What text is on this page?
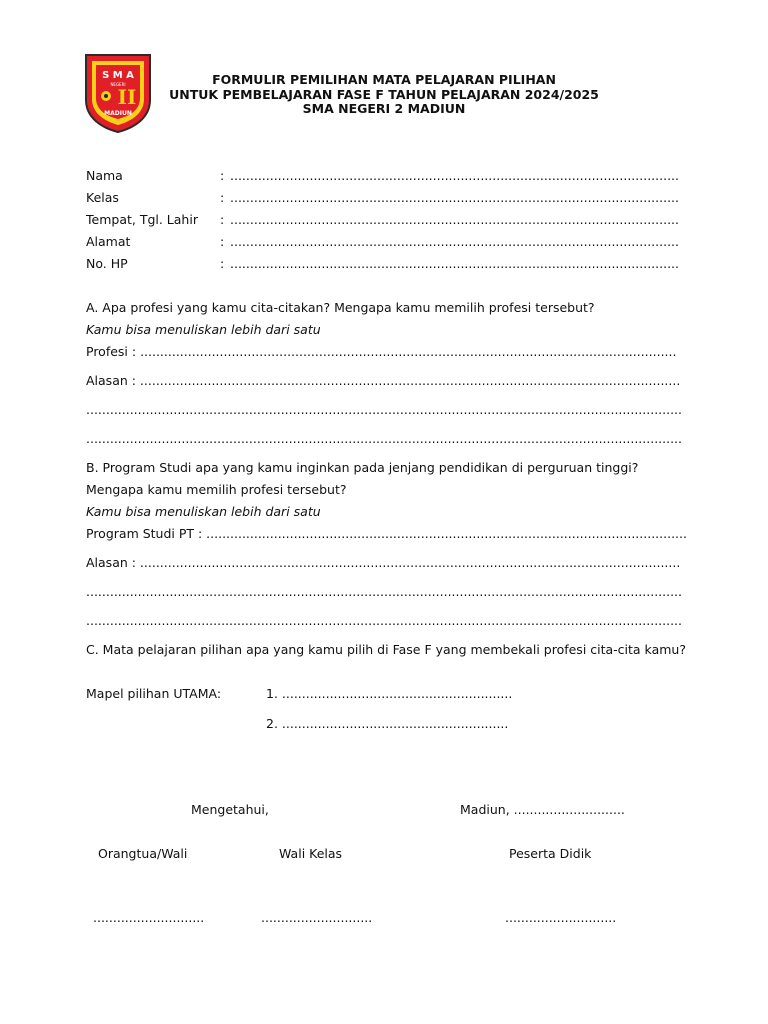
S M A
NEGERI
II
MADIUN
FORMULIR PEMILIHAN MATA PELAJARAN PILIHAN
UNTUK PEMBELAJARAN FASE F TAHUN PELAJARAN 2024/2025
SMA NEGERI 2 MADIUN
Nama	: .................................................................................................................
Kelas	: .................................................................................................................
Tempat, Tgl. Lahir : .................................................................................................................
Alamat	: .................................................................................................................
No. HP	: .................................................................................................................
A. Apa profesi yang kamu cita-citakan? Mengapa kamu memilih profesi tersebut?
Kamu bisa menuliskan lebih dari satu
Profesi : .......................................................................................................................................
Alasan : ........................................................................................................................................
......................................................................................................................................................
......................................................................................................................................................
B. Program Studi apa yang kamu inginkan pada jenjang pendidikan di perguruan tinggi?
Mengapa kamu memilih profesi tersebut?
Kamu bisa menuliskan lebih dari satu
Program Studi PT : .........................................................................................................................
Alasan : ........................................................................................................................................
......................................................................................................................................................
......................................................................................................................................................
C. Mata pelajaran pilihan apa yang kamu pilih di Fase F yang membekali profesi cita-cita kamu?
Mapel pilihan UTAMA:	1. ..........................................................
2. .........................................................
Mengetahui,	Madiun, ............................
Orangtua/Wali	Wali Kelas	Peserta Didik
............................	............................	............................
